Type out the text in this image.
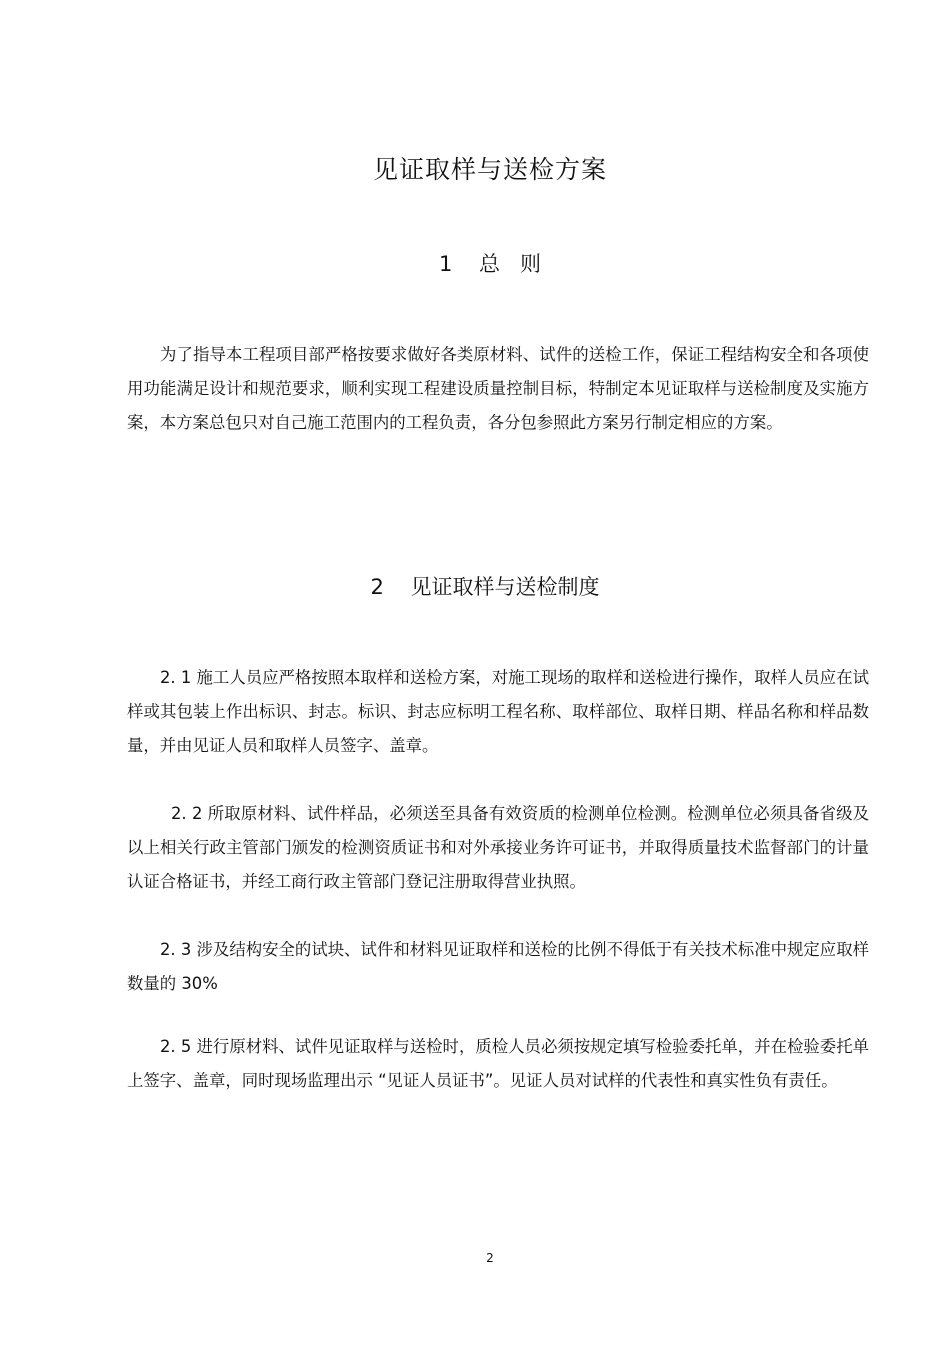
见证取样与送检方案
1    总   则

为了指导本工程项目部严格按要求做好各类原材料、试件的送检工作，保证工程结构安全和各项使用功能满足设计和规范要求，顺利实现工程建设质量控制目标，特制定本见证取样与送检制度及实施方案，本方案总包只对自己施工范围内的工程负责，各分包参照此方案另行制定相应的方案。

2    见证取样与送检制度

2. 1 施工人员应严格按照本取样和送检方案，对施工现场的取样和送检进行操作，取样人员应在试样或其包装上作出标识、封志。标识、封志应标明工程名称、取样部位、取样日期、样品名称和样品数量，并由见证人员和取样人员签字、盖章。

2. 2 所取原材料、试件样品，必须送至具备有效资质的检测单位检测。检测单位必须具备省级及以上相关行政主管部门颁发的检测资质证书和对外承接业务许可证书，并取得质量技术监督部门的计量认证合格证书，并经工商行政主管部门登记注册取得营业执照。

2. 3 涉及结构安全的试块、试件和材料见证取样和送检的比例不得低于有关技术标准中规定应取样数量的 30%

2. 5 进行原材料、试件见证取样与送检时，质检人员必须按规定填写检验委托单，并在检验委托单上签字、盖章，同时现场监理出示 “见证人员证书”。见证人员对试样的代表性和真实性负有责任。

2
